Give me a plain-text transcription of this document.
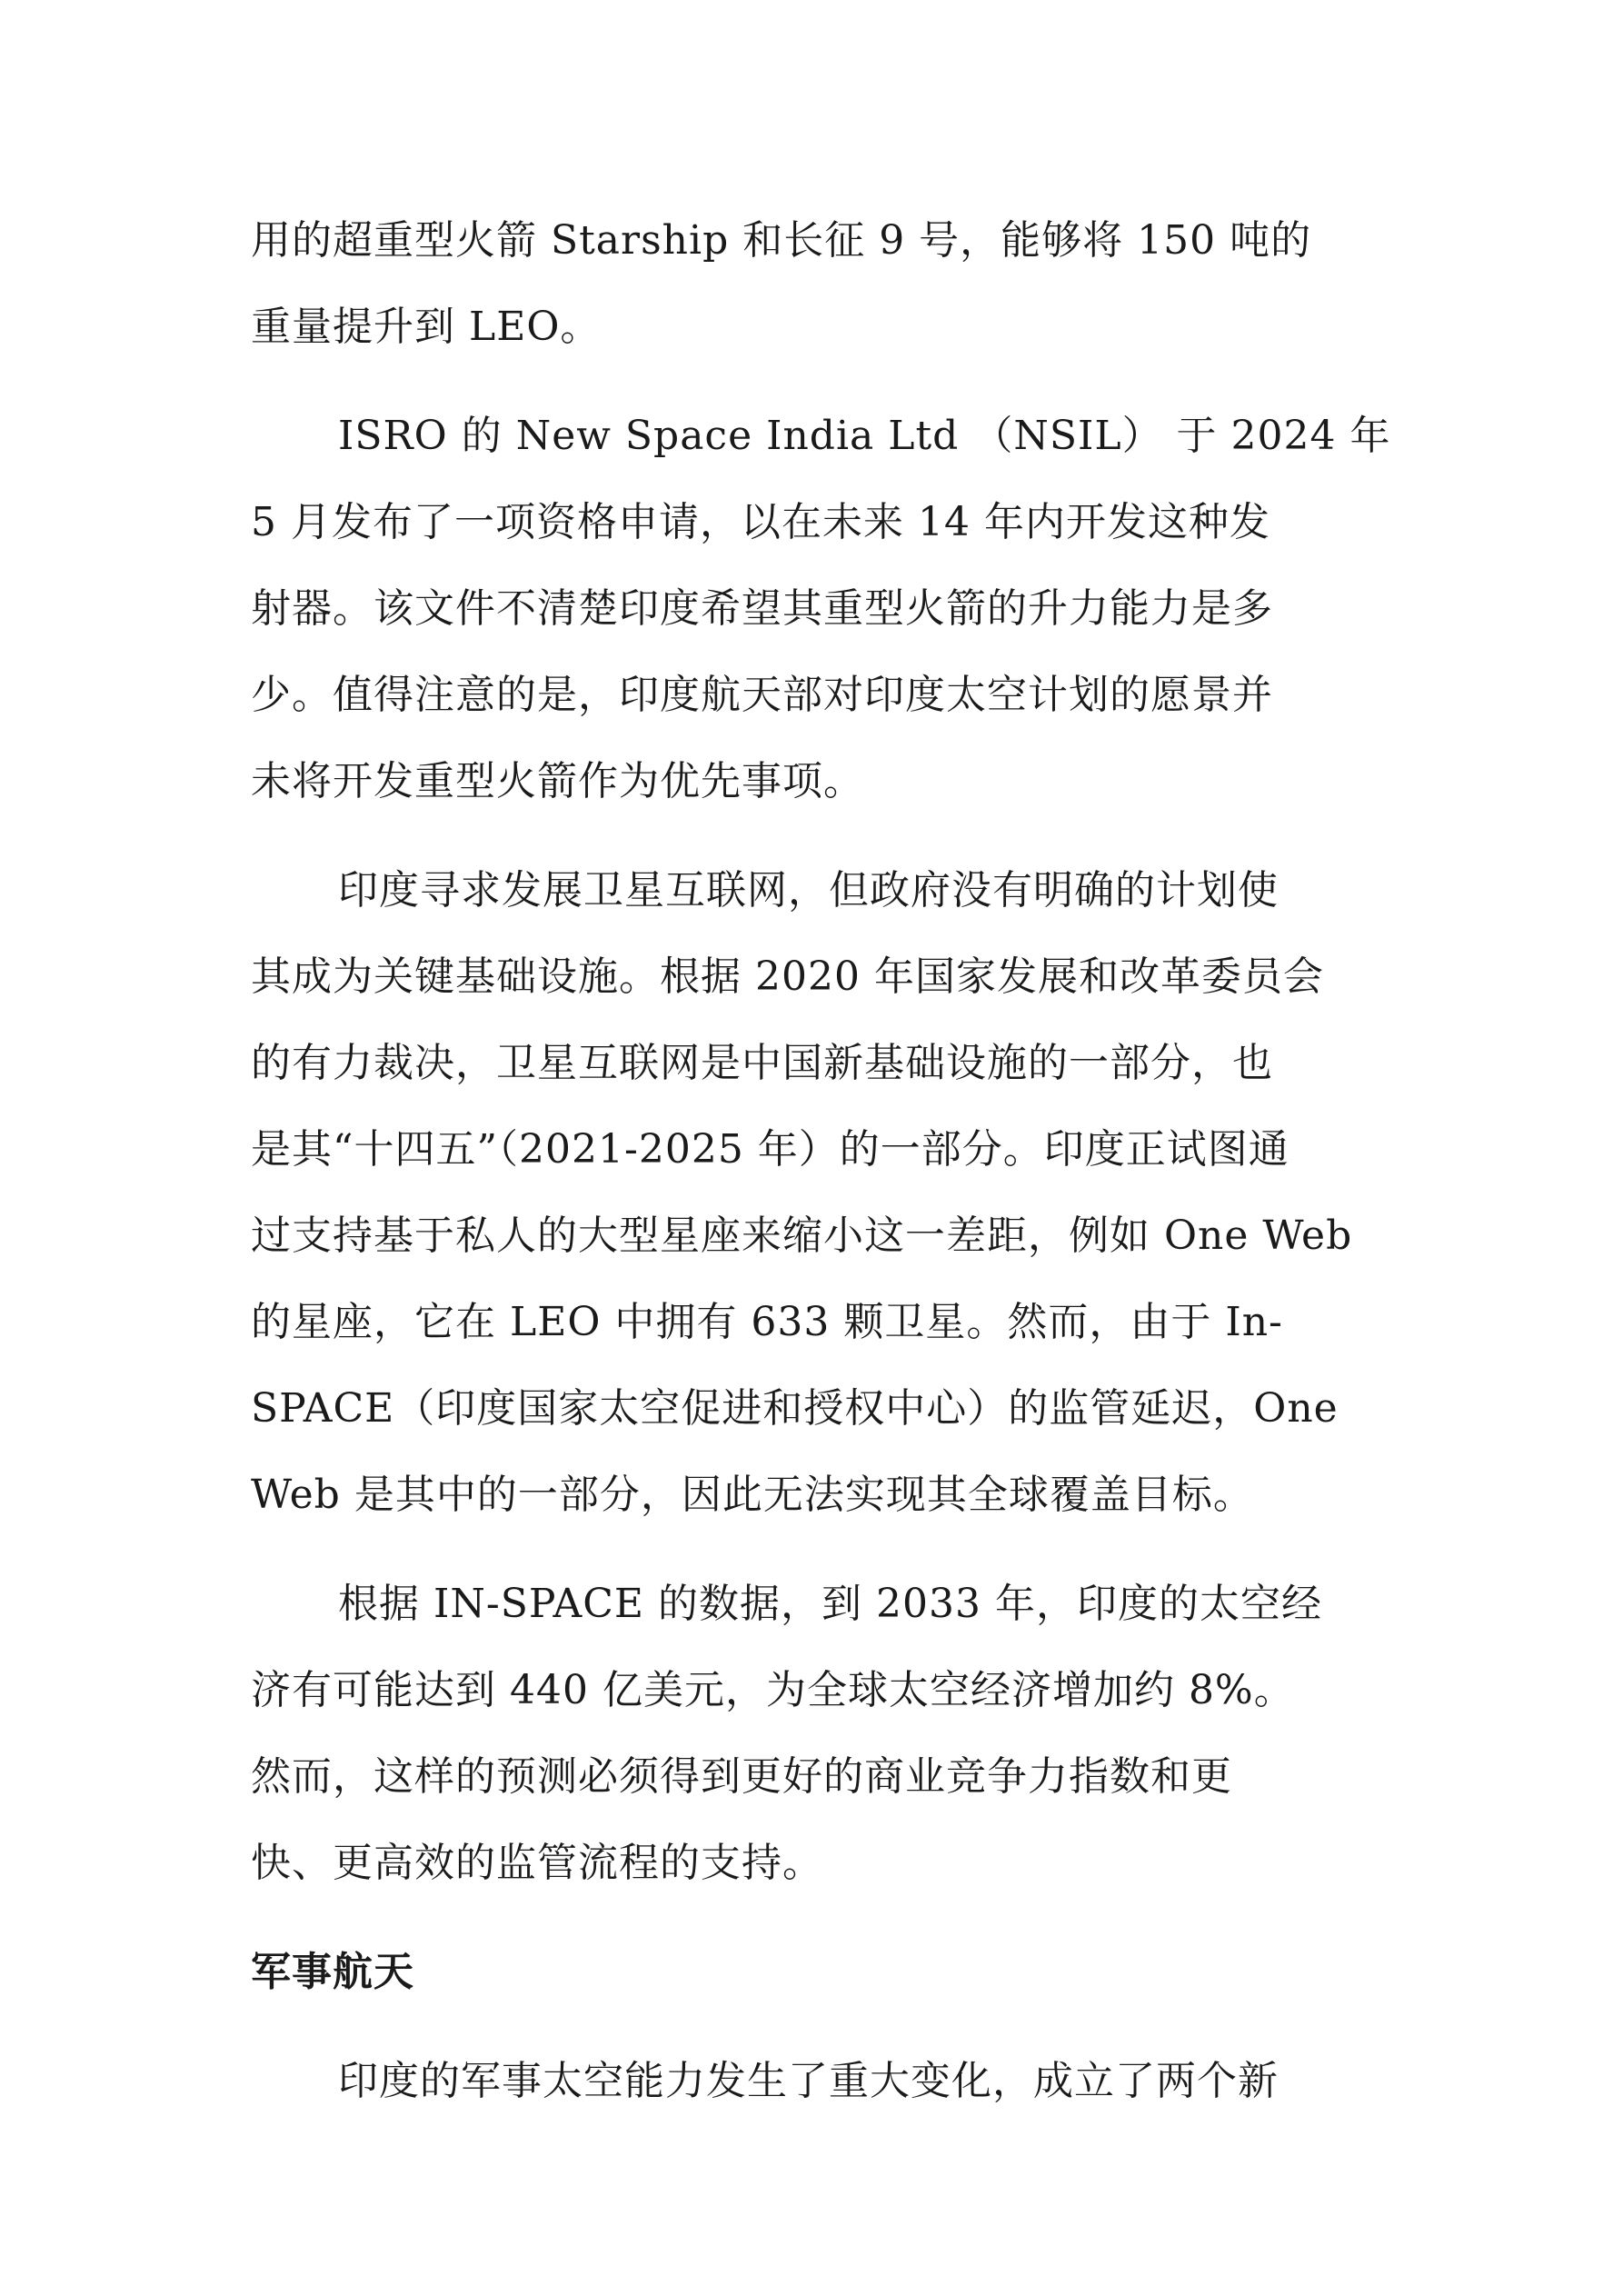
用的超重型火箭 Starship 和长征 9 号，能够将 150 吨的
重量提升到 LEO。
ISRO 的 New Space India Ltd （NSIL） 于 2024 年
5 月发布了一项资格申请，以在未来 14 年内开发这种发
射器。该文件不清楚印度希望其重型火箭的升力能力是多
少。值得注意的是，印度航天部对印度太空计划的愿景并
未将开发重型火箭作为优先事项。
印度寻求发展卫星互联网，但政府没有明确的计划使
其成为关键基础设施。根据 2020 年国家发展和改革委员会
的有力裁决，卫星互联网是中国新基础设施的一部分，也
是其“十四五”（2021-2025 年）的一部分。印度正试图通
过支持基于私人的大型星座来缩小这一差距，例如 One Web
的星座，它在 LEO 中拥有 633 颗卫星。然而，由于 In-
SPACE（印度国家太空促进和授权中心）的监管延迟，One
Web 是其中的一部分，因此无法实现其全球覆盖目标。
根据 IN-SPACE 的数据，到 2033 年，印度的太空经
济有可能达到 440 亿美元，为全球太空经济增加约 8%。
然而，这样的预测必须得到更好的商业竞争力指数和更
快、更高效的监管流程的支持。
军事航天
印度的军事太空能力发生了重大变化，成立了两个新
